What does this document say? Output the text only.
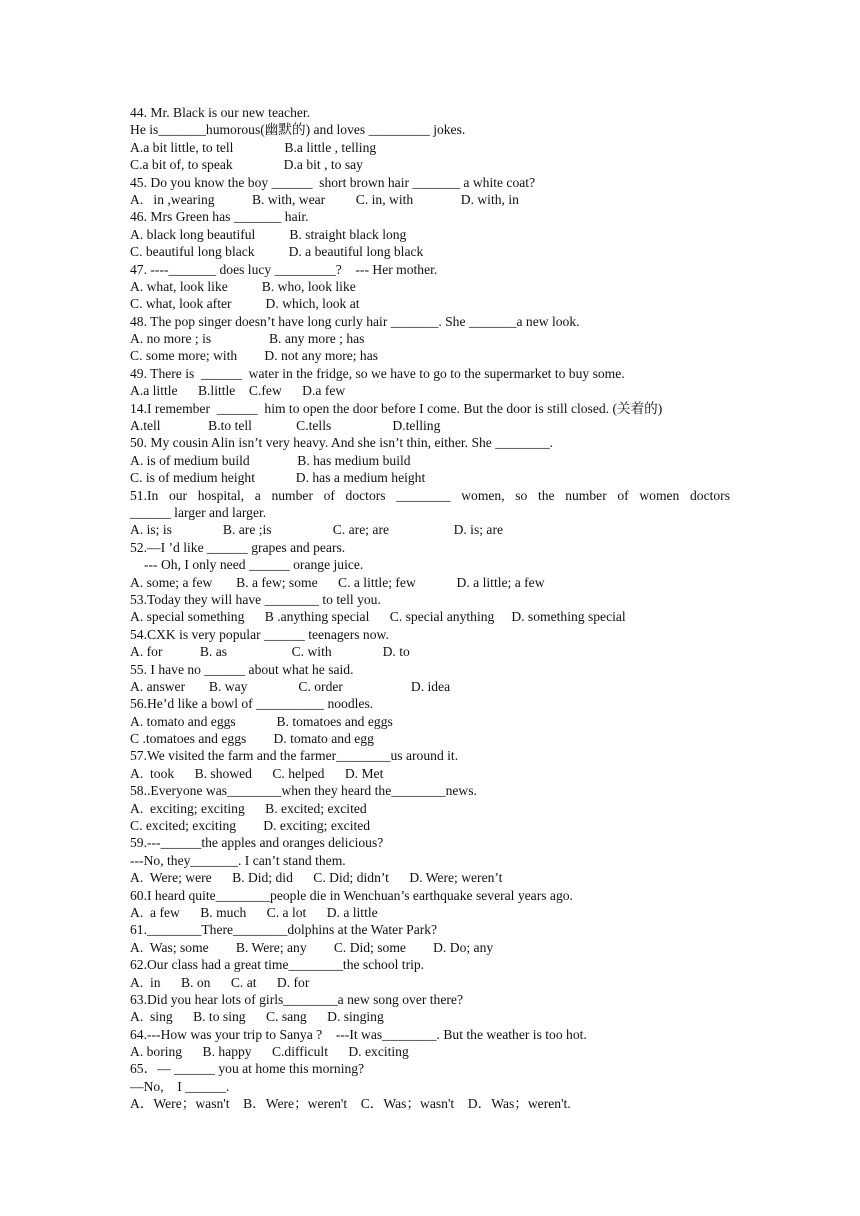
44. Mr. Black is our new teacher.
He is_______humorous(幽默的) and loves _________ jokes.
A.a bit little, to tell               B.a little , telling
C.a bit of, to speak               D.a bit , to say
45. Do you know the boy ______  short brown hair _______ a white coat?
A.   in ,wearing           B. with, wear         C. in, with              D. with, in
46. Mrs Green has _______ hair.
A. black long beautiful          B. straight black long
C. beautiful long black          D. a beautiful long black
47. ----_______ does lucy _________?    --- Her mother.
A. what, look like          B. who, look like
C. what, look after          D. which, look at
48. The pop singer doesn’t have long curly hair _______. She _______a new look.
A. no more ; is                 B. any more ; has
C. some more; with        D. not any more; has
49. There is  ______  water in the fridge, so we have to go to the supermarket to buy some.
A.a little      B.little    C.few      D.a few
14.I remember  ______  him to open the door before I come. But the door is still closed. (关着的)
A.tell              B.to tell             C.tells                  D.telling
50. My cousin Alin isn’t very heavy. And she isn’t thin, either. She ________.
A. is of medium build              B. has medium build
C. is of medium height            D. has a medium height
51.In our hospital, a number of doctors ________ women, so the number of women doctors
______ larger and larger.
A. is; is               B. are ;is                  C. are; are                   D. is; are
52.—I ’d like ______ grapes and pears.
--- Oh, I only need ______ orange juice.
A. some; a few       B. a few; some      C. a little; few            D. a little; a few
53.Today they will have ________ to tell you.
A. special something      B .anything special      C. special anything     D. something special
54.CXK is very popular ______ teenagers now.
A. for           B. as                   C. with               D. to
55. I have no ______ about what he said.
A. answer       B. way               C. order                    D. idea
56.He’d like a bowl of __________ noodles.
A. tomato and eggs            B. tomatoes and eggs
C .tomatoes and eggs        D. tomato and egg
57.We visited the farm and the farmer________us around it.
A.  took      B. showed      C. helped      D. Met
58..Everyone was________when they heard the________news.
A.  exciting; exciting      B. excited; excited
C. excited; exciting        D. exciting; excited
59.---______the apples and oranges delicious?
---No, they_______. I can’t stand them.
A.  Were; were      B. Did; did      C. Did; didn’t      D. Were; weren’t
60.I heard quite________people die in Wenchuan’s earthquake several years ago.
A.  a few      B. much      C. a lot      D. a little
61.________There________dolphins at the Water Park?
A.  Was; some        B. Were; any        C. Did; some        D. Do; any
62.Our class had a great time________the school trip.
A.  in      B. on      C. at      D. for
63.Did you hear lots of girls________a new song over there?
A.  sing      B. to sing      C. sang      D. singing
64.---How was your trip to Sanya ?    ---It was________. But the weather is too hot.
A. boring      B. happy      C.difficult      D. exciting
65．— ______ you at home this morning?
—No,    I ______.
A．Were；wasn't    B．Were；weren't    C．Was；wasn't    D．Was；weren't.
